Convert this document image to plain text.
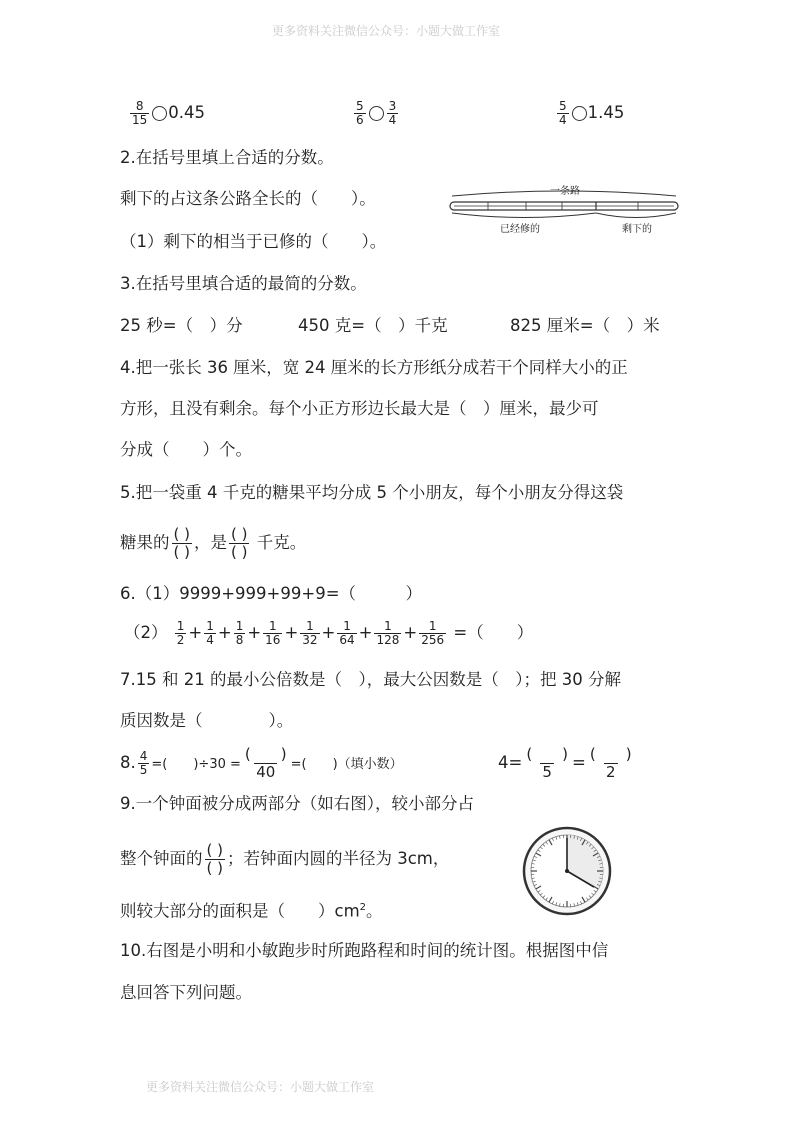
更多资料关注微信公众号：小题大做工作室
更多资料关注微信公众号：小题大做工作室
$\frac{8}{15} 0.45$	$\frac{5}{6} \frac{3}{4}$	$\frac{5}{4} 1.45$
2.在括号里填上合适的分数。
剩下的占这条公路全长的（　　）。
（1）剩下的相当于已修的（　　）。
一条路
已经修的	剩下的
3.在括号里填合适的最简的分数。
25 秒=（　）分	450 克=（　）千克	825 厘米=（　）米
4.把一张长 36 厘米，宽 24 厘米的长方形纸分成若干个同样大小的正
方形，且没有剩余。每个小正方形边长最大是（　）厘米，最少可
分成（　　）个。
5.把一袋重 4 千克的糖果平均分成 5 个小朋友，每个小朋友分得这袋
糖果的 $\frac{( )}{( )}$ ，是 $\frac{( )}{( )}$ 千克。
6.（1）9999+999+99+9=（　　　）
$(2) \frac{1}{2} + \frac{1}{4} + \frac{1}{8} + \frac{1}{16} + \frac{1}{32} + \frac{1}{64} + \frac{1}{128} + \frac{1}{256}$ =（　　）
7.15 和 21 的最小公倍数是（　），最大公因数是（　）；把 30 分解
质因数是（　　　　）。
8. $\frac{4}{5}$ =(　　)$\div 30 = \frac{( )}{40}$ =(　　)（填小数）	$4= \frac{( )}{5} = \frac{( )}{2}$
9.一个钟面被分成两部分（如右图），较小部分占
整个钟面的 $\frac{( )}{( )}$ ；若钟面内圆的半径为 3cm，
则较大部分的面积是（　　）$cm^2$。
10.右图是小明和小敏跑步时所跑路程和时间的统计图。根据图中信
息回答下列问题。
